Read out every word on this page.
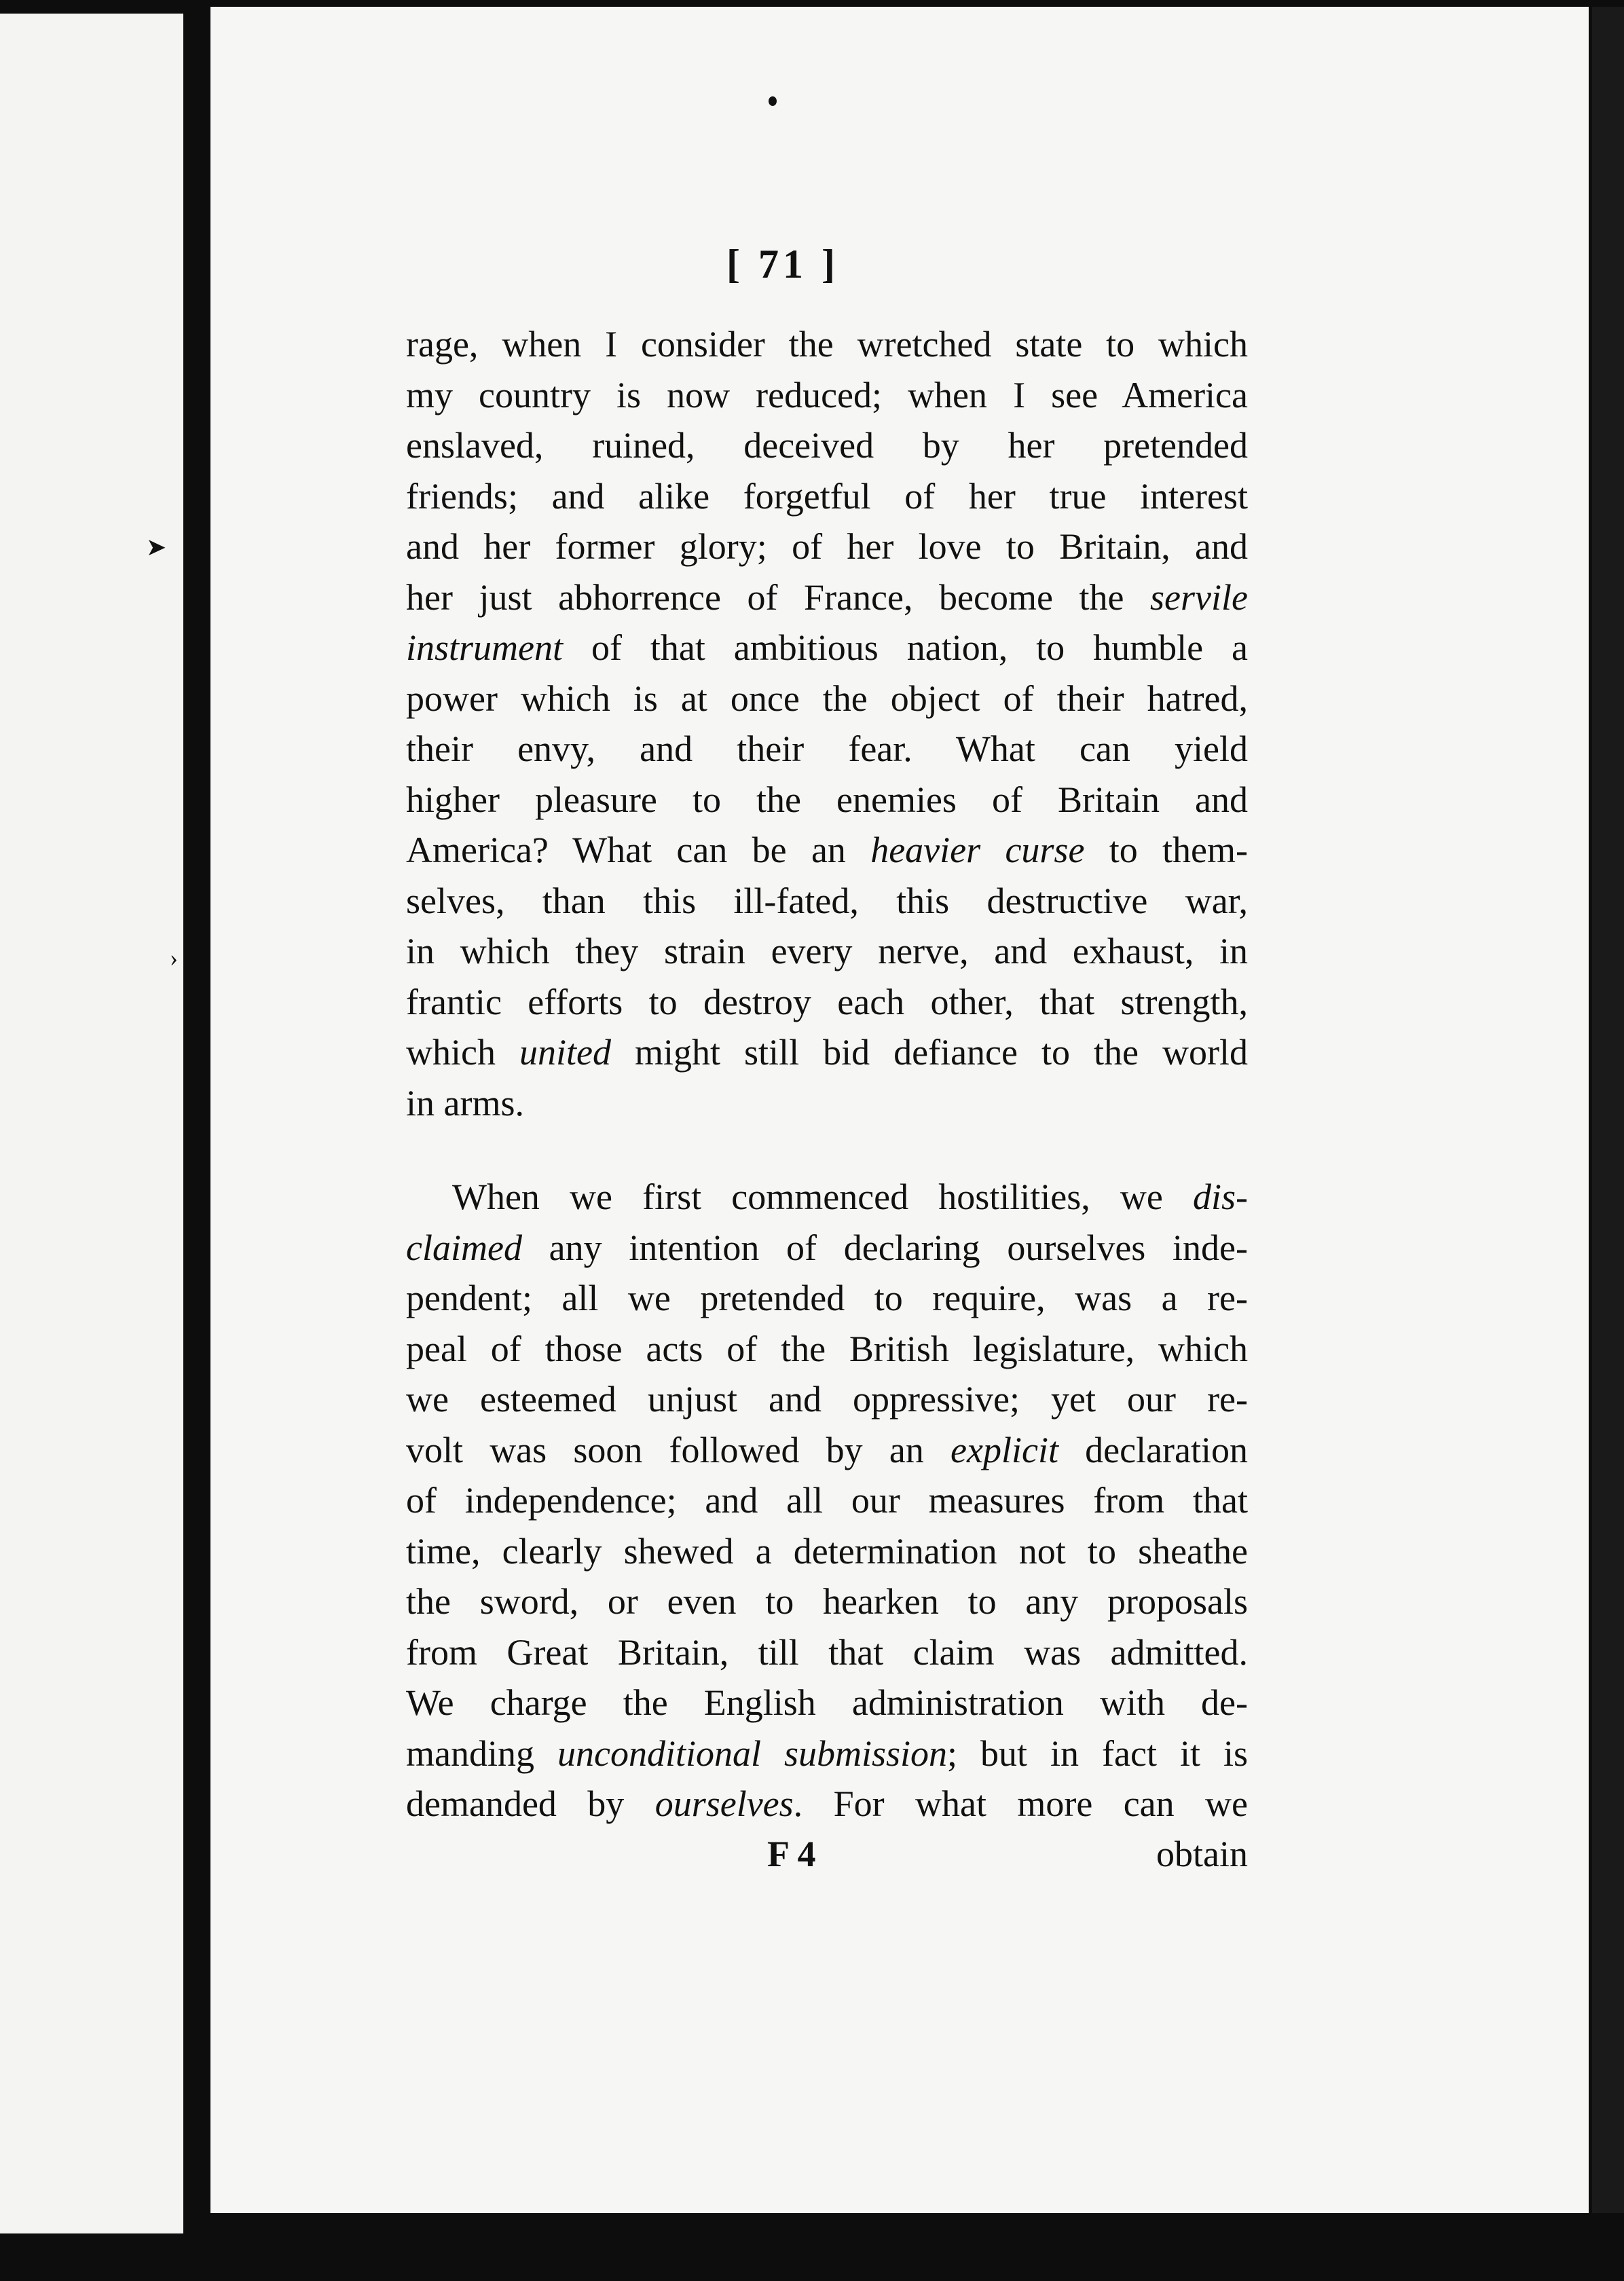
➤
›
[ 71 ]
rage, when I consider the wretched state to which
my country is now reduced; when I see America
enslaved, ruined, deceived by her pretended
friends; and alike forgetful of her true interest
and her former glory; of her love to Britain, and
her just abhorrence of France, become the servile
instrument of that ambitious nation, to humble a
power which is at once the object of their hatred,
their envy, and their fear. What can yield
higher pleasure to the enemies of Britain and
America? What can be an heavier curse to them-
selves, than this ill-fated, this destructive war,
in which they strain every nerve, and exhaust, in
frantic efforts to destroy each other, that strength,
which united might still bid defiance to the world
in arms.
When we first commenced hostilities, we dis-
claimed any intention of declaring ourselves inde-
pendent; all we pretended to require, was a re-
peal of those acts of the British legislature, which
we esteemed unjust and oppressive; yet our re-
volt was soon followed by an explicit declaration
of independence; and all our measures from that
time, clearly shewed a determination not to sheathe
the sword, or even to hearken to any proposals
from Great Britain, till that claim was admitted.
We charge the English administration with de-
manding unconditional submission; but in fact it is
demanded by ourselves. For what more can we
F 4	obtain
